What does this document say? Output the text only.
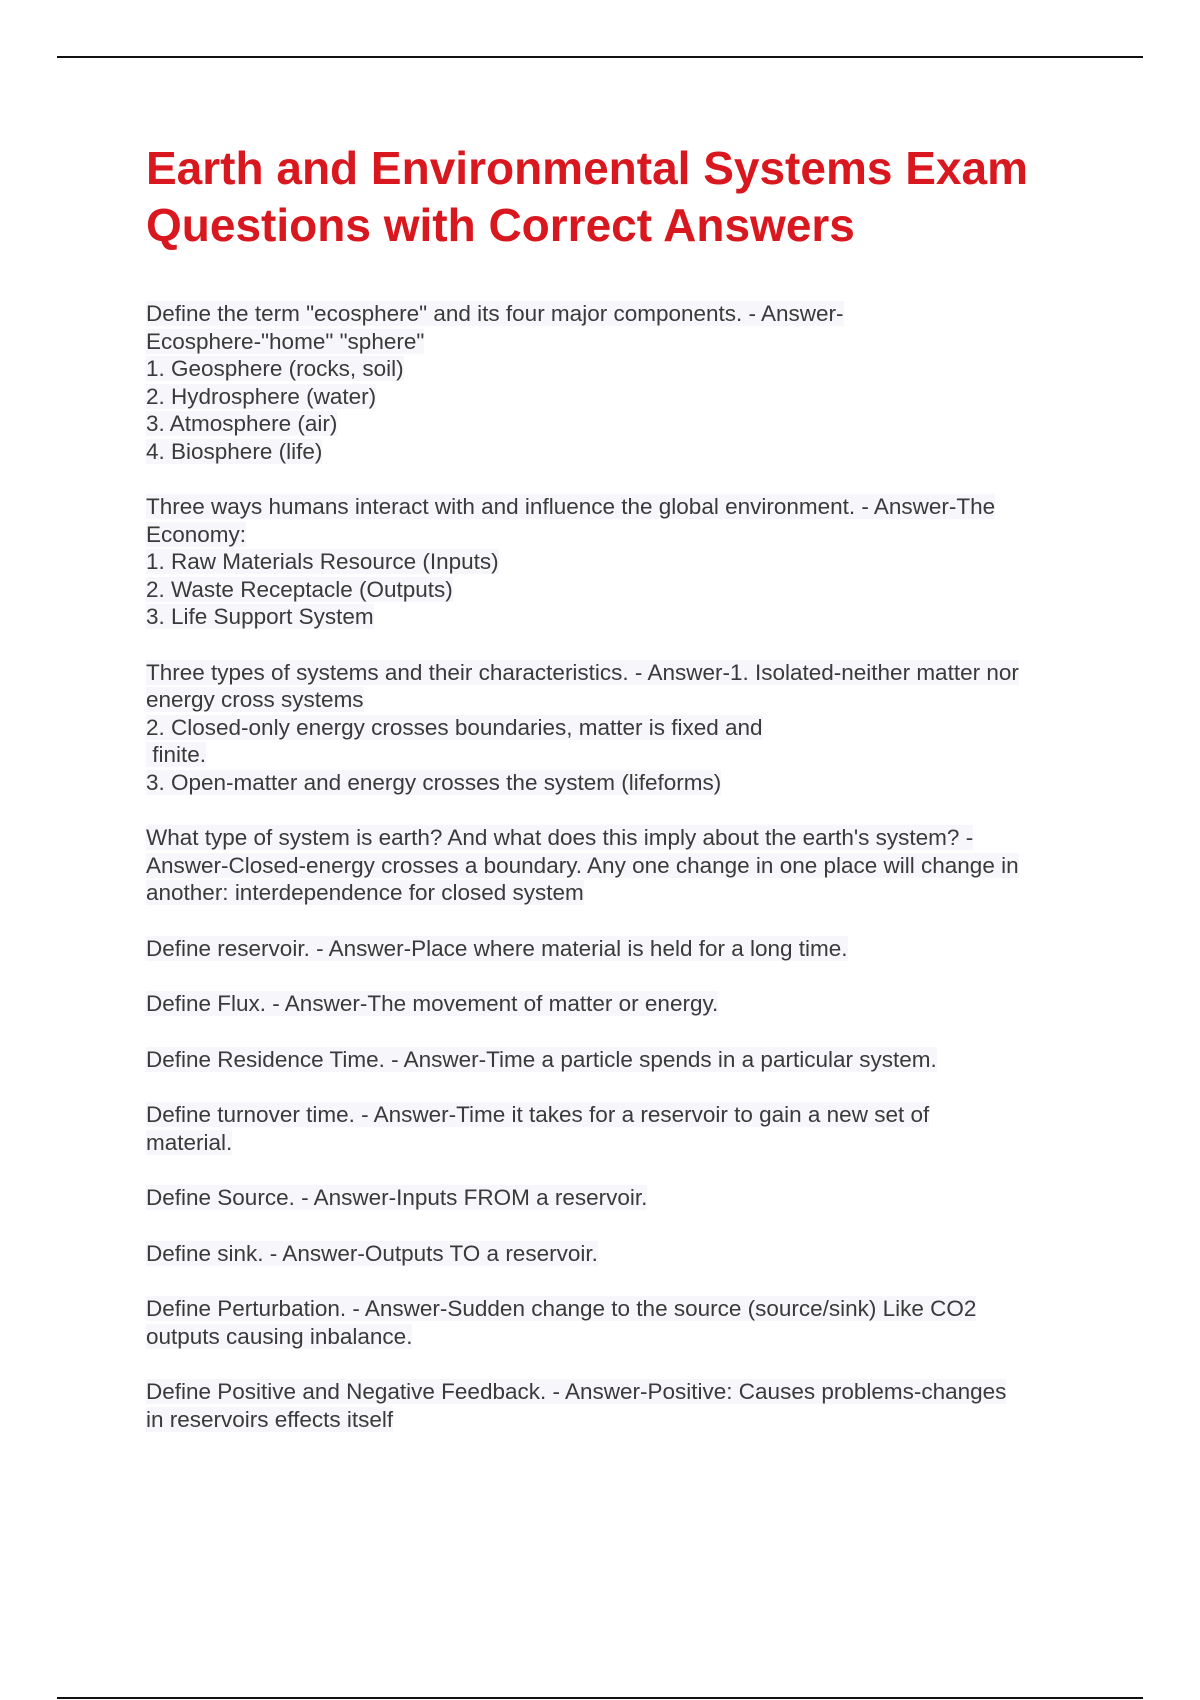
Earth and Environmental Systems Exam
Questions with Correct Answers
Define the term "ecosphere" and its four major components. - Answer-
Ecosphere-"home" "sphere"
1. Geosphere (rocks, soil)
2. Hydrosphere (water)
3. Atmosphere (air)
4. Biosphere (life)
Three ways humans interact with and influence the global environment. - Answer-The
Economy:
1. Raw Materials Resource (Inputs)
2. Waste Receptacle (Outputs)
3. Life Support System
Three types of systems and their characteristics. - Answer-1. Isolated-neither matter nor
energy cross systems
2. Closed-only energy crosses boundaries, matter is fixed and
finite.
3. Open-matter and energy crosses the system (lifeforms)
What type of system is earth? And what does this imply about the earth's system? -
Answer-Closed-energy crosses a boundary. Any one change in one place will change in
another: interdependence for closed system
Define reservoir. - Answer-Place where material is held for a long time.
Define Flux. - Answer-The movement of matter or energy.
Define Residence Time. - Answer-Time a particle spends in a particular system.
Define turnover time. - Answer-Time it takes for a reservoir to gain a new set of
material.
Define Source. - Answer-Inputs FROM a reservoir.
Define sink. - Answer-Outputs TO a reservoir.
Define Perturbation. - Answer-Sudden change to the source (source/sink) Like CO2
outputs causing inbalance.
Define Positive and Negative Feedback. - Answer-Positive: Causes problems-changes
in reservoirs effects itself
